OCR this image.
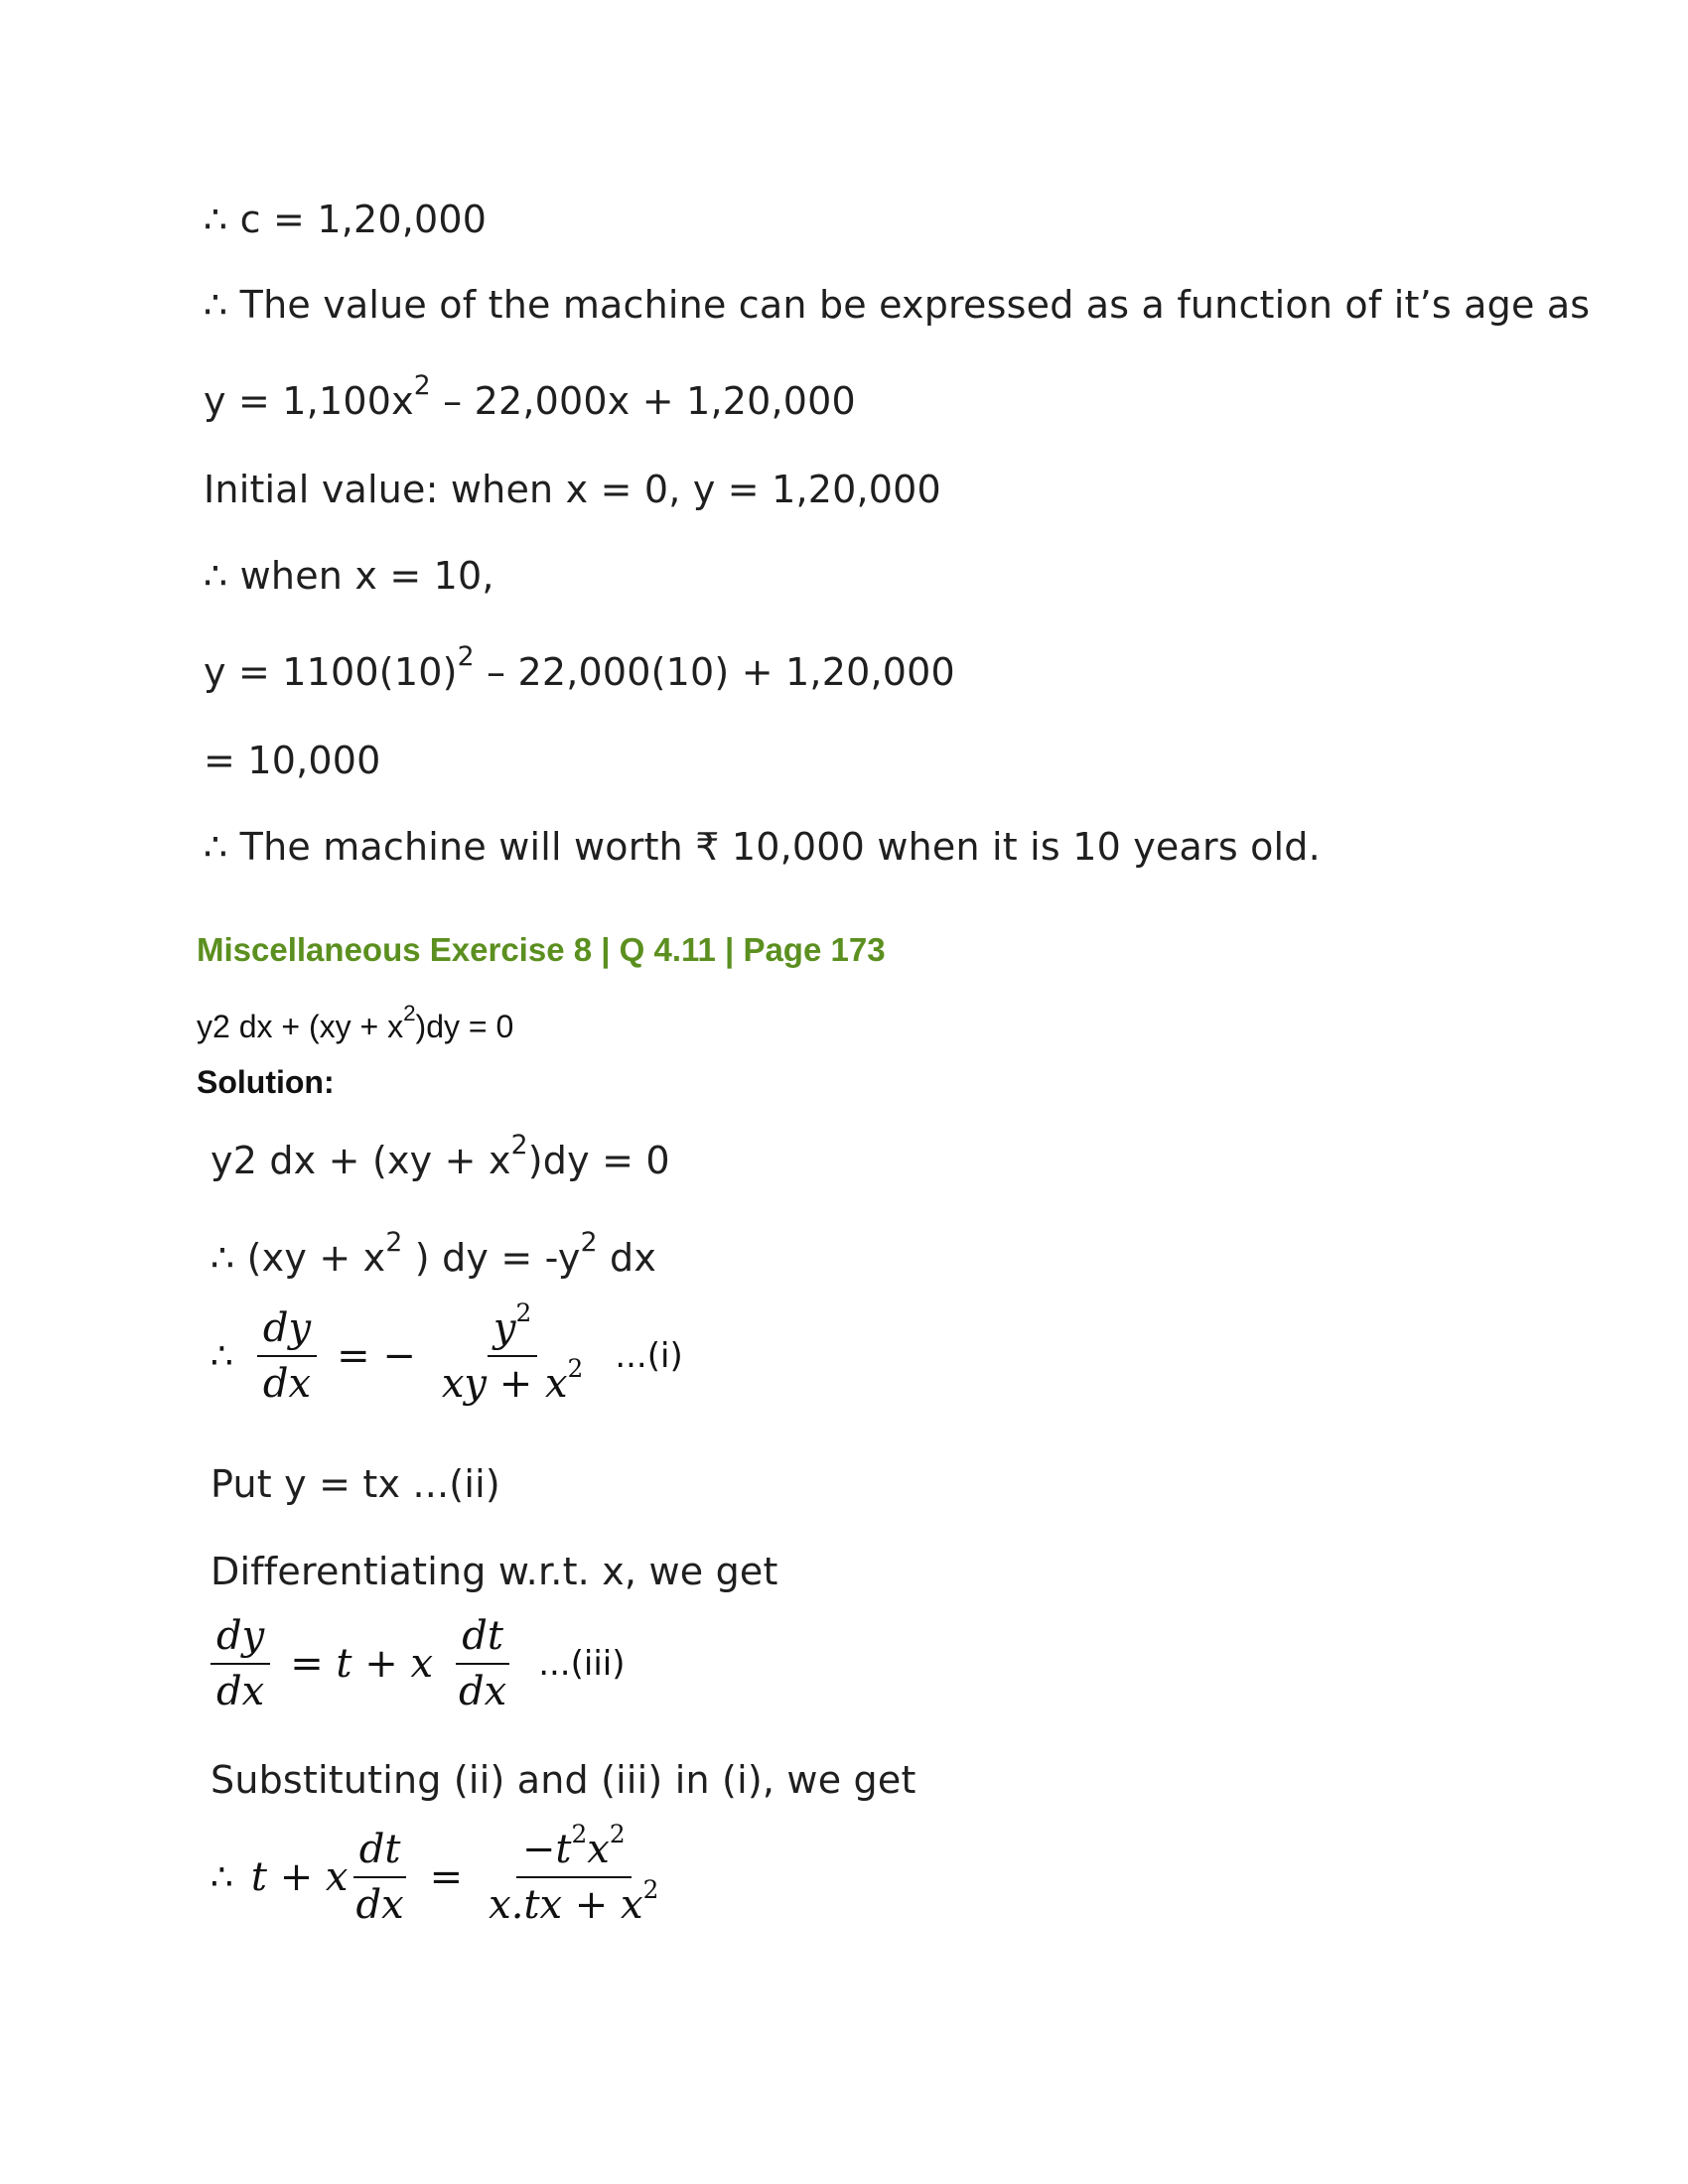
∴ c = 1,20,000
∴ The value of the machine can be expressed as a function of it’s age as
$y = 1,100x^2 - 22,000x + 1,20,000$
Initial value: when x = 0, y = 1,20,000
∴ when x = 10,
$y = 1100(10)^2 - 22,000(10) + 1,20,000$
= 10,000
∴ The machine will worth ₹ 10,000 when it is 10 years old.
Miscellaneous Exercise 8 | Q 4.11 | Page 173
y2 dx + $(xy + x^2)dy = 0$
Solution:
y2 dx + $(xy + x^2)dy = 0$
∴ ($xy + x^2$ ) dy = $-y^2$ dx
∴ $\frac{dy}{dx}$ = − $\frac{y^2}{xy + x^2} ...(i)$
Put y = tx ...(ii)
Differentiating w.r.t. x, we get
$\frac{dy}{dx} = t + x \frac{dt}{dx} ...(iii)$
Substituting (ii) and (iii) in (i), we get
∴ t + x $\frac{dt}{dx} = \frac{-t^2x^2}{x.tx + x^2}$
